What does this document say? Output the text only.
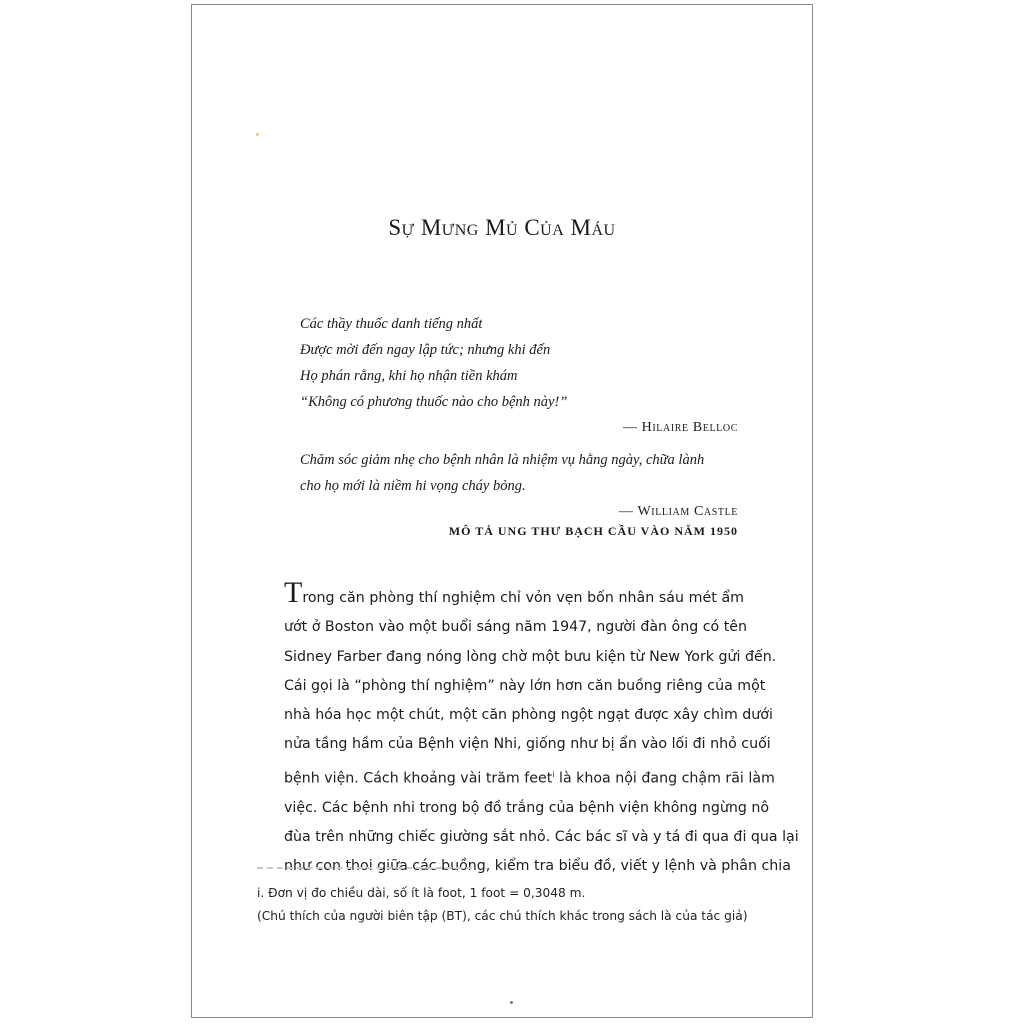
Sự Mưng Mủ Của Máu

Các thầy thuốc danh tiếng nhất

Được mời đến ngay lập tức; nhưng khi đến

Họ phán rằng, khi họ nhận tiền khám

“Không có phương thuốc nào cho bệnh này!”

— Hilaire Belloc

Chăm sóc giảm nhẹ cho bệnh nhân là nhiệm vụ hằng ngày, chữa lành

cho họ mới là niềm hi vọng cháy bỏng.

— William Castle
MÔ TẢ UNG THƯ BẠCH CẦU VÀO NĂM 1950
Trong căn phòng thí nghiệm chỉ vỏn vẹn bốn nhân sáu mét ẩm
ướt ở Boston vào một buổi sáng năm 1947, người đàn ông có tên
Sidney Farber đang nóng lòng chờ một bưu kiện từ New York gửi đến.
Cái gọi là “phòng thí nghiệm” này lớn hơn căn buồng riêng của một
nhà hóa học một chút, một căn phòng ngột ngạt được xây chìm dưới
nửa tầng hầm của Bệnh viện Nhi, giống như bị ẩn vào lối đi nhỏ cuối
bệnh viện. Cách khoảng vài trăm feet$^i$ là khoa nội đang chậm rãi làm
việc. Các bệnh nhi trong bộ đồ trắng của bệnh viện không ngừng nô
đùa trên những chiếc giường sắt nhỏ. Các bác sĩ và y tá đi qua đi qua lại
như con thoi giữa các buồng, kiểm tra biểu đồ, viết y lệnh và phân chia

i. Đơn vị đo chiều dài, số ít là foot, 1 foot = 0,3048 m.

(Chú thích của người biên tập (BT), các chú thích khác trong sách là của tác giả)
